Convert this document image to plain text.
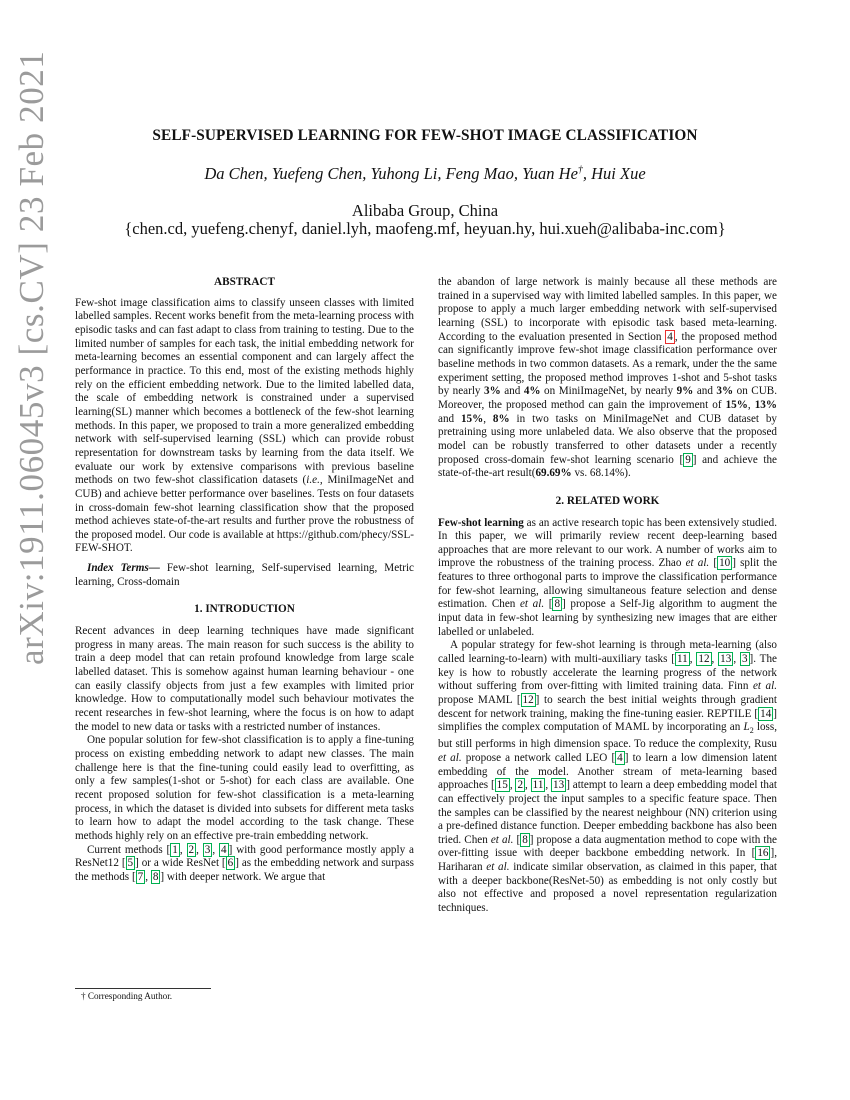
arXiv:1911.06045v3 [cs.CV] 23 Feb 2021	SELF-SUPERVISED LEARNING FOR FEW-SHOT IMAGE CLASSIFICATION
Da Chen, Yuefeng Chen, Yuhong Li, Feng Mao, Yuan He†, Hui Xue
Alibaba Group, China
{chen.cd, yuefeng.chenyf, daniel.lyh, maofeng.mf, heyuan.hy, hui.xueh@alibaba-inc.com}

ABSTRACT

Few-shot image classification aims to classify unseen classes with limited labelled samples. Recent works benefit from the meta-learning process with episodic tasks and can fast adapt to class from training to testing. Due to the limited number of samples for each task, the initial embedding network for meta-learning becomes an essential component and can largely affect the performance in practice. To this end, most of the existing methods highly rely on the efficient embedding network. Due to the limited labelled data, the scale of embedding network is constrained under a supervised learning(SL) manner which becomes a bottleneck of the few-shot learning methods. In this paper, we proposed to train a more generalized embedding network with self-supervised learning (SSL) which can provide robust representation for downstream tasks by learning from the data itself. We evaluate our work by extensive comparisons with previous baseline methods on two few-shot classification datasets (i.e., MiniImageNet and CUB) and achieve better performance over baselines. Tests on four datasets in cross-domain few-shot learning classification show that the proposed method achieves state-of-the-art results and further prove the robustness of the proposed model. Our code is available at https://github.com/phecy/SSL-FEW-SHOT.

Index Terms— Few-shot learning, Self-supervised learning, Metric learning, Cross-domain

1. INTRODUCTION

Recent advances in deep learning techniques have made significant progress in many areas. The main reason for such success is the ability to train a deep model that can retain profound knowledge from large scale labelled dataset. This is somehow against human learning behaviour - one can easily classify objects from just a few examples with limited prior knowledge. How to computationally model such behaviour motivates the recent researches in few-shot learning, where the focus is on how to adapt the model to new data or tasks with a restricted number of instances.

One popular solution for few-shot classification is to apply a fine-tuning process on existing embedding network to adapt new classes. The main challenge here is that the fine-tuning could easily lead to overfitting, as only a few samples(1-shot or 5-shot) for each class are available. One recent proposed solution for few-shot classification is a meta-learning process, in which the dataset is divided into subsets for different meta tasks to learn how to adapt the model according to the task change. These methods highly rely on an effective pre-train embedding network.

Current methods [ 1 , 2 , 3 , 4 ] with good performance mostly apply a ResNet12 [ 5 ] or a wide ResNet [ 6 ] as the embedding network and surpass the methods [ 7 , 8 ] with deeper network. We argue that

the abandon of large network is mainly because all these methods are trained in a supervised way with limited labelled samples. In this paper, we propose to apply a much larger embedding network with self-supervised learning (SSL) to incorporate with episodic task based meta-learning. According to the evaluation presented in Section 4 , the proposed method can significantly improve few-shot image classification performance over baseline methods in two common datasets. As a remark, under the the same experiment setting, the proposed method improves 1-shot and 5-shot tasks by nearly 3% and 4% on MiniImageNet, by nearly 9% and 3% on CUB. Moreover, the proposed method can gain the improvement of 15%, 13% and 15%, 8% in two tasks on MiniImageNet and CUB dataset by pretraining using more unlabeled data. We also observe that the proposed model can be robustly transferred to other datasets under a recently proposed cross-domain few-shot learning scenario [ 9 ] and achieve the state-of-the-art result(69.69% vs. 68.14%).

2. RELATED WORK

Few-shot learning as an active research topic has been extensively studied. In this paper, we will primarily review recent deep-learning based approaches that are more relevant to our work. A number of works aim to improve the robustness of the training process. Zhao et al. [ 10 ] split the features to three orthogonal parts to improve the classification performance for few-shot learning, allowing simultaneous feature selection and dense estimation. Chen et al. [ 8 ] propose a Self-Jig algorithm to augment the input data in few-shot learning by synthesizing new images that are either labelled or unlabeled.

A popular strategy for few-shot learning is through meta-learning (also called learning-to-learn) with multi-auxiliary tasks [ 11 , 12 , 13 , 3 ]. The key is how to robustly accelerate the learning progress of the network without suffering from over-fitting with limited training data. Finn et al. propose MAML [ 12 ] to search the best initial weights through gradient descent for network training, making the fine-tuning easier. REPTILE [ 14 ] simplifies the complex computation of MAML by incorporating an $L_2$ loss, but still performs in high dimension space. To reduce the complexity, Rusu et al. propose a network called LEO [ 4 ] to learn a low dimension latent embedding of the model. Another stream of meta-learning based approaches [ 15 , 2 , 11 , 13 ] attempt to learn a deep embedding model that can effectively project the input samples to a specific feature space. Then the samples can be classified by the nearest neighbour (NN) criterion using a pre-defined distance function. Deeper embedding backbone has also been tried. Chen et al. [ 8 ] propose a data augmentation method to cope with the over-fitting issue with deeper backbone embedding network. In [ 16 ], Hariharan et al. indicate similar observation, as claimed in this paper, that with a deeper backbone(ResNet-50) as embedding is not only costly but also not effective and proposed a novel representation regularization techniques.

† Corresponding Author.
